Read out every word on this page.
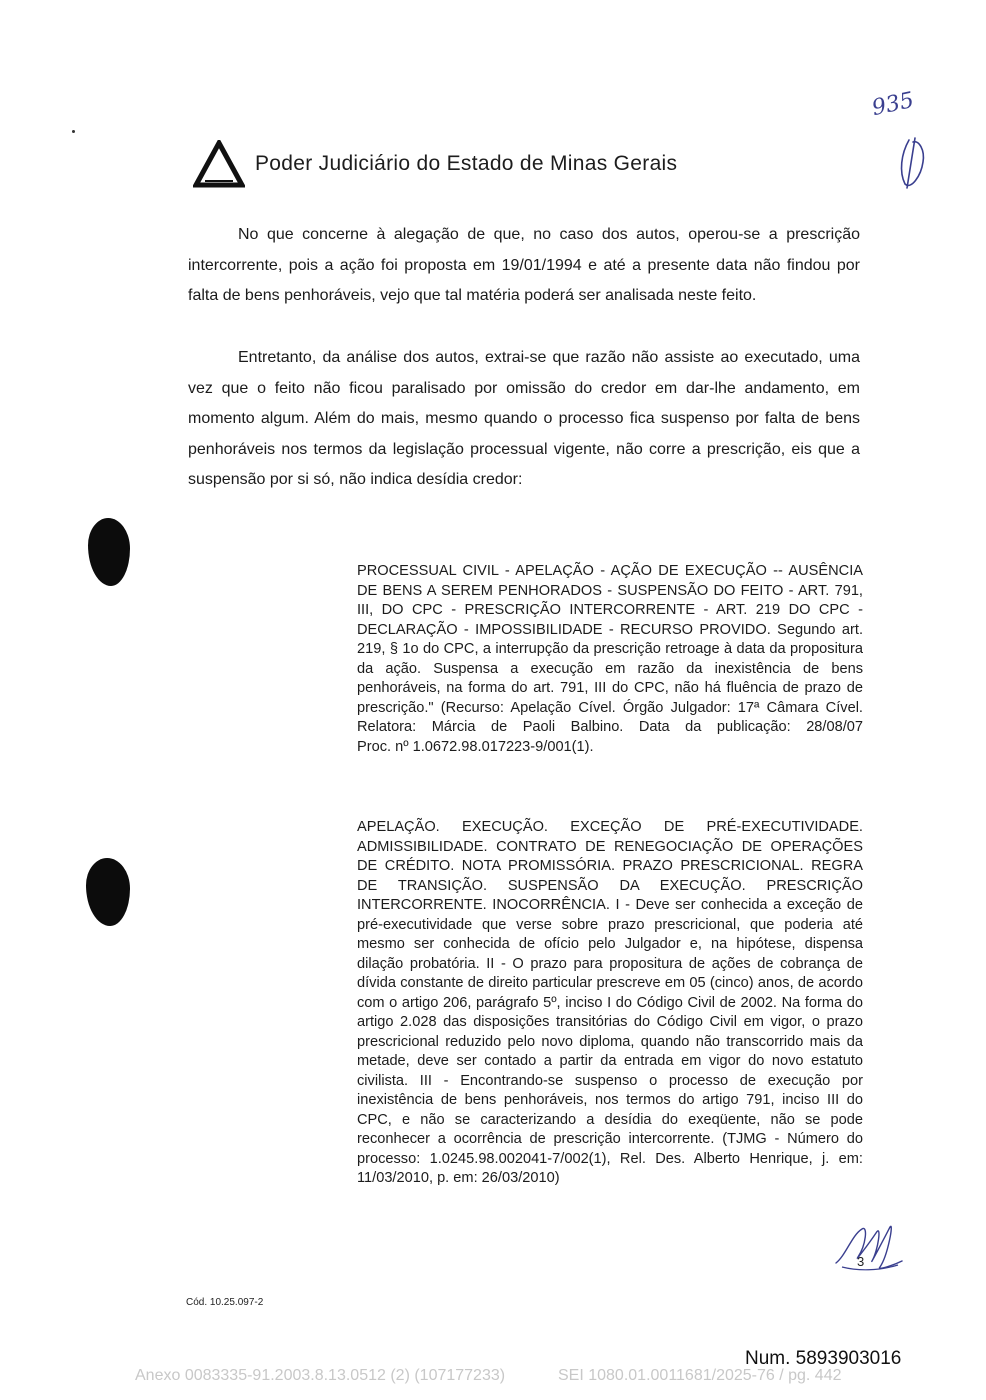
Poder Judiciário do Estado de Minas Gerais
935
No que concerne à alegação de que, no caso dos autos, operou-se a prescrição intercorrente, pois a ação foi proposta em 19/01/1994 e até a presente data não findou por falta de bens penhoráveis, vejo que tal matéria poderá ser analisada neste feito.
Entretanto, da análise dos autos, extrai-se que razão não assiste ao executado, uma vez que o feito não ficou paralisado por omissão do credor em dar-lhe andamento, em momento algum. Além do mais, mesmo quando o processo fica suspenso por falta de bens penhoráveis nos termos da legislação processual vigente, não corre a prescrição, eis que a suspensão por si só, não indica desídia credor:
PROCESSUAL CIVIL - APELAÇÃO - AÇÃO DE EXECUÇÃO -- AUSÊNCIA DE BENS A SEREM PENHORADOS - SUSPENSÃO DO FEITO - ART. 791, III, DO CPC - PRESCRIÇÃO INTERCORRENTE - ART. 219 DO CPC - DECLARAÇÃO - IMPOSSIBILIDADE - RECURSO PROVIDO. Segundo art. 219, § 1o do CPC, a interrupção da prescrição retroage à data da propositura da ação. Suspensa a execução em razão da inexistência de bens penhoráveis, na forma do art. 791, III do CPC, não há fluência de prazo de prescrição." (Recurso: Apelação Cível. Órgão Julgador: 17ª Câmara Cível. Relatora: Márcia de Paoli Balbino. Data da publicação: 28/08/07
Proc. nº 1.0672.98.017223-9/001(1).
APELAÇÃO. EXECUÇÃO. EXCEÇÃO DE PRÉ-EXECUTIVIDADE. ADMISSIBILIDADE. CONTRATO DE RENEGOCIAÇÃO DE OPERAÇÕES DE CRÉDITO. NOTA PROMISSÓRIA. PRAZO PRESCRICIONAL. REGRA DE TRANSIÇÃO. SUSPENSÃO DA EXECUÇÃO. PRESCRIÇÃO INTERCORRENTE. INOCORRÊNCIA. I - Deve ser conhecida a exceção de pré-executividade que verse sobre prazo prescricional, que poderia até mesmo ser conhecida de ofício pelo Julgador e, na hipótese, dispensa dilação probatória. II - O prazo para propositura de ações de cobrança de dívida constante de direito particular prescreve em 05 (cinco) anos, de acordo com o artigo 206, parágrafo 5º, inciso I do Código Civil de 2002. Na forma do artigo 2.028 das disposições transitórias do Código Civil em vigor, o prazo prescricional reduzido pelo novo diploma, quando não transcorrido mais da metade, deve ser contado a partir da entrada em vigor do novo estatuto civilista. III - Encontrando-se suspenso o processo de execução por inexistência de bens penhoráveis, nos termos do artigo 791, inciso III do CPC, e não se caracterizando a desídia do exeqüente, não se pode reconhecer a ocorrência de prescrição intercorrente. (TJMG - Número do processo: 1.0245.98.002041-7/002(1), Rel. Des. Alberto Henrique, j. em:
11/03/2010, p. em: 26/03/2010)
3
Cód. 10.25.097-2
Num. 5893903016
Anexo 0083335-91.2003.8.13.0512 (2) (107177233)	SEI 1080.01.0011681/2025-76 / pg. 442
